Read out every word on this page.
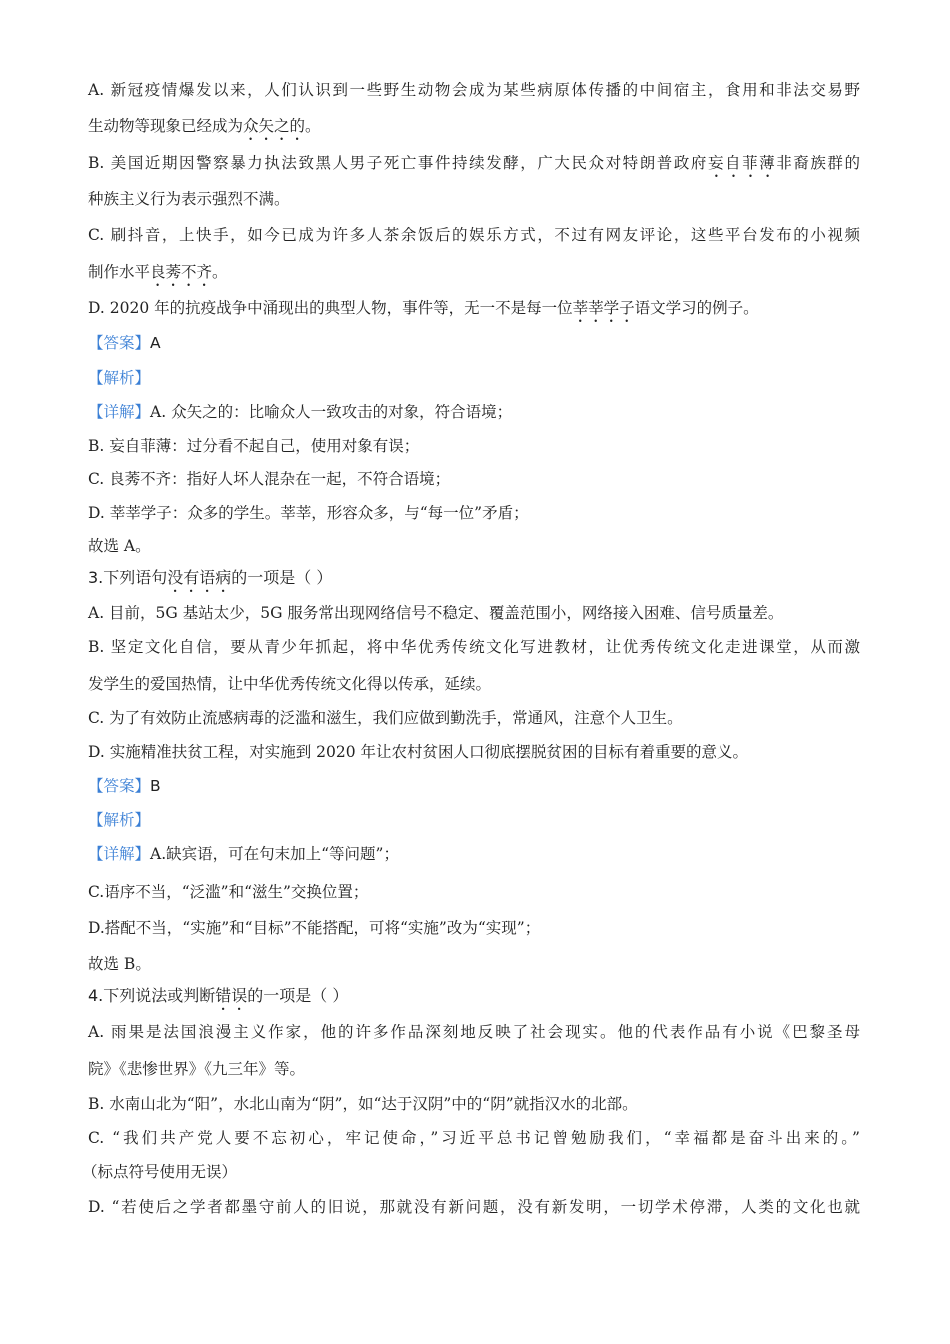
A. 新冠疫情爆发以来，人们认识到一些野生动物会成为某些病原体传播的中间宿主，食用和非法交易野
生动物等现象已经成为众矢之的。
B. 美国近期因警察暴力执法致黑人男子死亡事件持续发酵，广大民众对特朗普政府妄自菲薄非裔族群的
种族主义行为表示强烈不满。
C. 刷抖音，上快手，如今已成为许多人茶余饭后的娱乐方式，不过有网友评论，这些平台发布的小视频
制作水平良莠不齐。
D. 2020 年的抗疫战争中涌现出的典型人物，事件等，无一不是每一位莘莘学子语文学习的例子。
【答案】A
【解析】
【详解】A. 众矢之的：比喻众人一致攻击的对象，符合语境；
B. 妄自菲薄：过分看不起自己，使用对象有误；
C. 良莠不齐：指好人坏人混杂在一起，不符合语境；
D. 莘莘学子：众多的学生。莘莘，形容众多，与“每一位”矛盾；
故选 A。
3.下列语句没有语病的一项是（ ）
A. 目前，5G 基站太少，5G 服务常出现网络信号不稳定、覆盖范围小，网络接入困难、信号质量差。
B. 坚定文化自信，要从青少年抓起，将中华优秀传统文化写进教材，让优秀传统文化走进课堂，从而激
发学生的爱国热情，让中华优秀传统文化得以传承，延续。
C. 为了有效防止流感病毒的泛滥和滋生，我们应做到勤洗手，常通风，注意个人卫生。
D. 实施精准扶贫工程，对实施到 2020 年让农村贫困人口彻底摆脱贫困的目标有着重要的意义。
【答案】B
【解析】
【详解】A.缺宾语，可在句末加上“等问题”；
C.语序不当，“泛滥”和“滋生”交换位置；
D.搭配不当，“实施”和“目标”不能搭配，可将“实施”改为“实现”；
故选 B。
4.下列说法或判断错误的一项是（ ）
A. 雨果是法国浪漫主义作家，他的许多作品深刻地反映了社会现实。他的代表作品有小说《巴黎圣母
院》《悲惨世界》《九三年》等。
B. 水南山北为“阳”，水北山南为“阴”，如“达于汉阴”中的“阴”就指汉水的北部。
C. “我们共产党人要不忘初心，牢记使命，”习近平总书记曾勉励我们，“幸福都是奋斗出来的。”
（标点符号使用无误）
D. “若使后之学者都墨守前人的旧说，那就没有新问题，没有新发明，一切学术停滞，人类的文化也就
